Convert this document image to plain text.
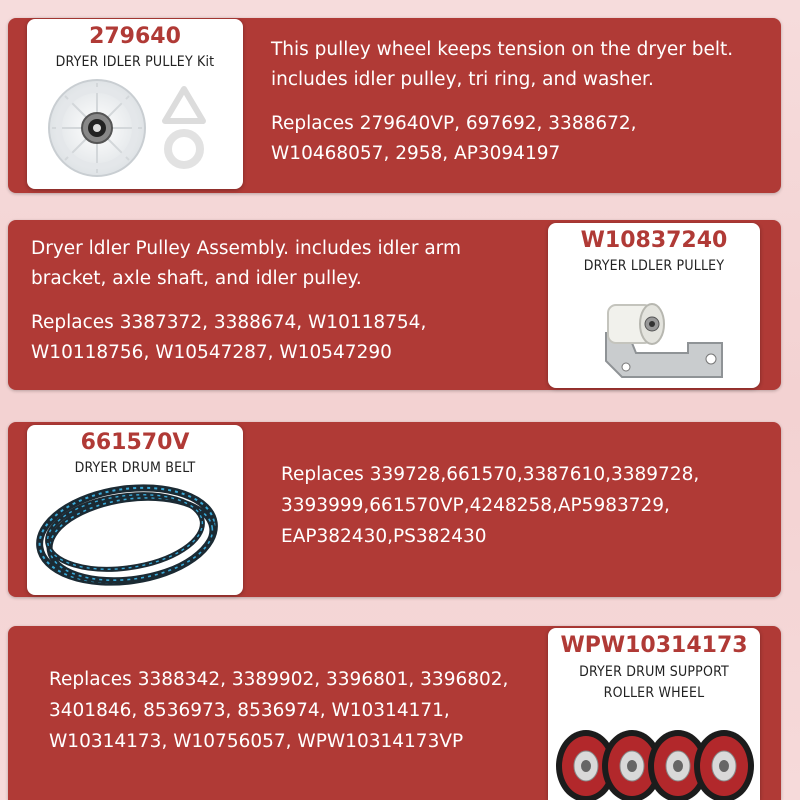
279640
DRYER IDLER PULLEY Kit

This pulley wheel keeps tension on the dryer belt.

includes idler pulley, tri ring, and washer.

Replaces 279640VP, 697692, 3388672,

W10468057, 2958, AP3094197

Dryer ldler Pulley Assembly. includes idler arm

bracket, axle shaft, and idler pulley.

Replaces 3387372, 3388674, W10118754,

W10118756, W10547287, W10547290

W10837240
DRYER LDLER PULLEY
661570V
DRYER DRUM BELT	Replaces 339728,661570,3387610,3389728,

3393999,661570VP,4248258,AP5983729,

EAP382430,PS382430

Replaces 3388342, 3389902, 3396801, 3396802,

3401846, 8536973, 8536974, W10314171,

W10314173, W10756057, WPW10314173VP

WPW10314173
DRYER DRUM SUPPORT
ROLLER WHEEL
